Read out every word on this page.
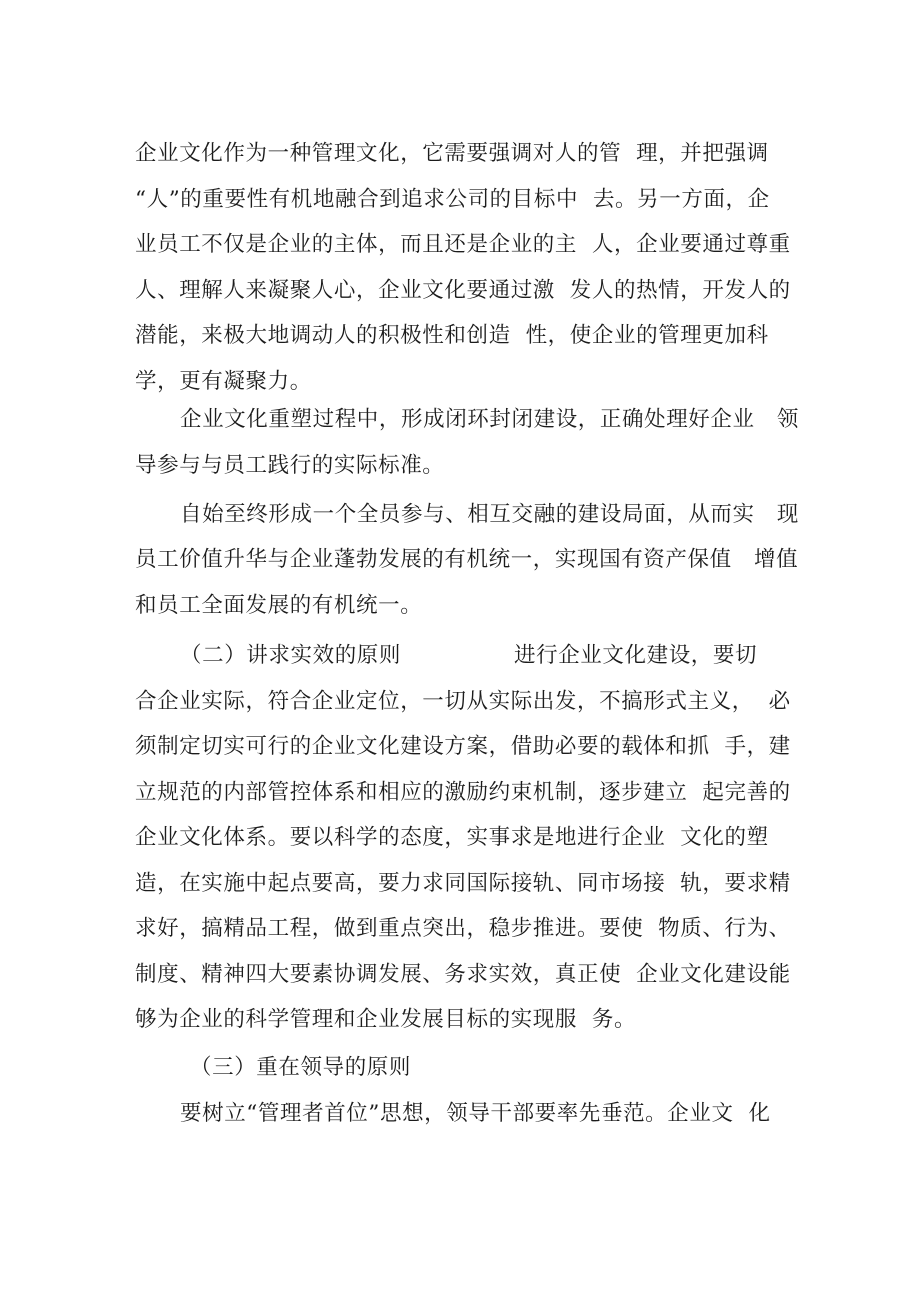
企业文化作为一种管理文化，它需要强调对人的管  理，并把强调
“人”的重要性有机地融合到追求公司的目标中  去。另一方面，企
业员工不仅是企业的主体，而且还是企业的主  人，企业要通过尊重
人、理解人来凝聚人心，企业文化要通过激  发人的热情，开发人的
潜能，来极大地调动人的积极性和创造  性，使企业的管理更加科
学，更有凝聚力。
企业文化重塑过程中，形成闭环封闭建设，正确处理好企业   领
导参与与员工践行的实际标准。
自始至终形成一个全员参与、相互交融的建设局面，从而实   现
员工价值升华与企业蓬勃发展的有机统一，实现国有资产保值   增值
和员工全面发展的有机统一。
（二）讲求实效的原则	进行企业文化建设，要切
合企业实际，符合企业定位，一切从实际出发，不搞形式主义，  必
须制定切实可行的企业文化建设方案，借助必要的载体和抓  手，建
立规范的内部管控体系和相应的激励约束机制，逐步建立  起完善的
企业文化体系。要以科学的态度，实事求是地进行企业  文化的塑
造，在实施中起点要高，要力求同国际接轨、同市场接  轨，要求精
求好，搞精品工程，做到重点突出，稳步推进。要使  物质、行为、
制度、精神四大要素协调发展、务求实效，真正使  企业文化建设能
够为企业的科学管理和企业发展目标的实现服  务。
（三）重在领导的原则
要树立“管理者首位”思想，领导干部要率先垂范。企业文  化
